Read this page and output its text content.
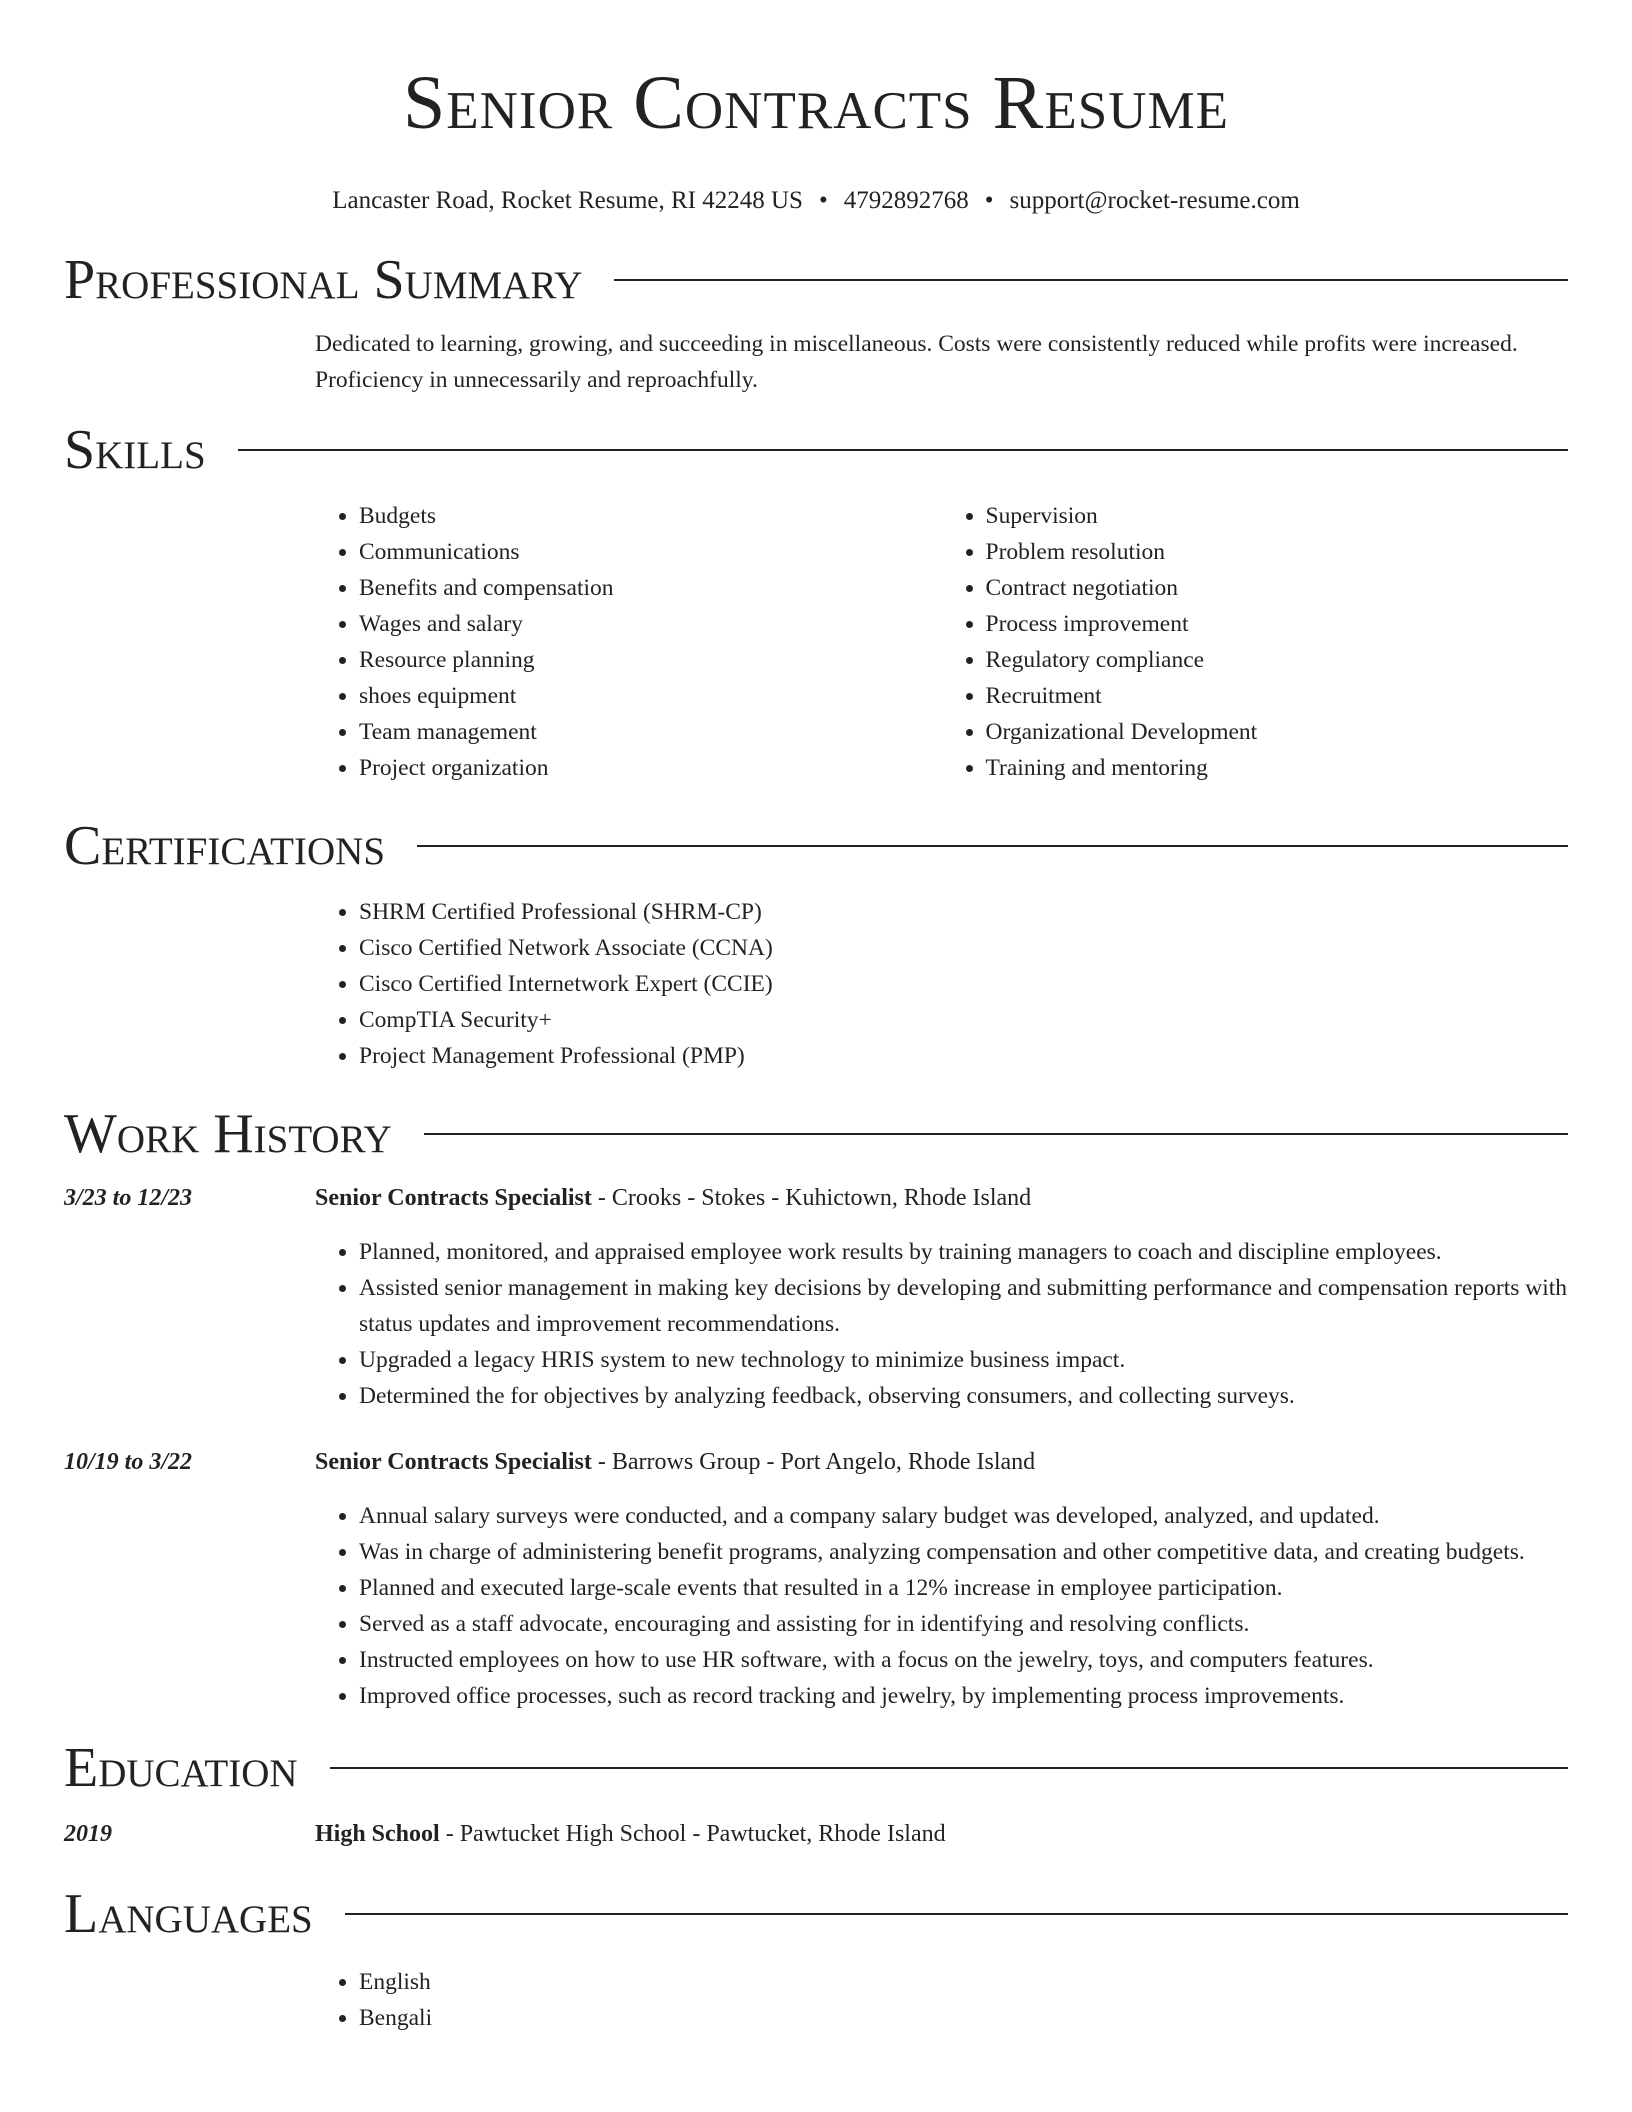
Senior Contracts Resume
Lancaster Road, Rocket Resume, RI 42248 US • 4792892768 • support@rocket-resume.com
Professional Summary
Dedicated to learning, growing, and succeeding in miscellaneous. Costs were consistently reduced while profits were increased. Proficiency in unnecessarily and reproachfully.
Skills
• Budgets
• Communications
• Benefits and compensation
• Wages and salary
• Resource planning
• shoes equipment
• Team management
• Project organization
• Supervision
• Problem resolution
• Contract negotiation
• Process improvement
• Regulatory compliance
• Recruitment
• Organizational Development
• Training and mentoring
Certifications
• SHRM Certified Professional (SHRM-CP)
• Cisco Certified Network Associate (CCNA)
• Cisco Certified Internetwork Expert (CCIE)
• CompTIA Security+
• Project Management Professional (PMP)
Work History
3/23 to 12/23	Senior Contracts Specialist - Crooks - Stokes - Kuhictown, Rhode Island
• Planned, monitored, and appraised employee work results by training managers to coach and discipline employees.
• Assisted senior management in making key decisions by developing and submitting performance and compensation reports with status updates and improvement recommendations.
• Upgraded a legacy HRIS system to new technology to minimize business impact.
• Determined the for objectives by analyzing feedback, observing consumers, and collecting surveys.
10/19 to 3/22	Senior Contracts Specialist - Barrows Group - Port Angelo, Rhode Island
• Annual salary surveys were conducted, and a company salary budget was developed, analyzed, and updated.
• Was in charge of administering benefit programs, analyzing compensation and other competitive data, and creating budgets.
• Planned and executed large-scale events that resulted in a 12% increase in employee participation.
• Served as a staff advocate, encouraging and assisting for in identifying and resolving conflicts.
• Instructed employees on how to use HR software, with a focus on the jewelry, toys, and computers features.
• Improved office processes, such as record tracking and jewelry, by implementing process improvements.
Education
2019	High School - Pawtucket High School - Pawtucket, Rhode Island
Languages
• English
• Bengali
